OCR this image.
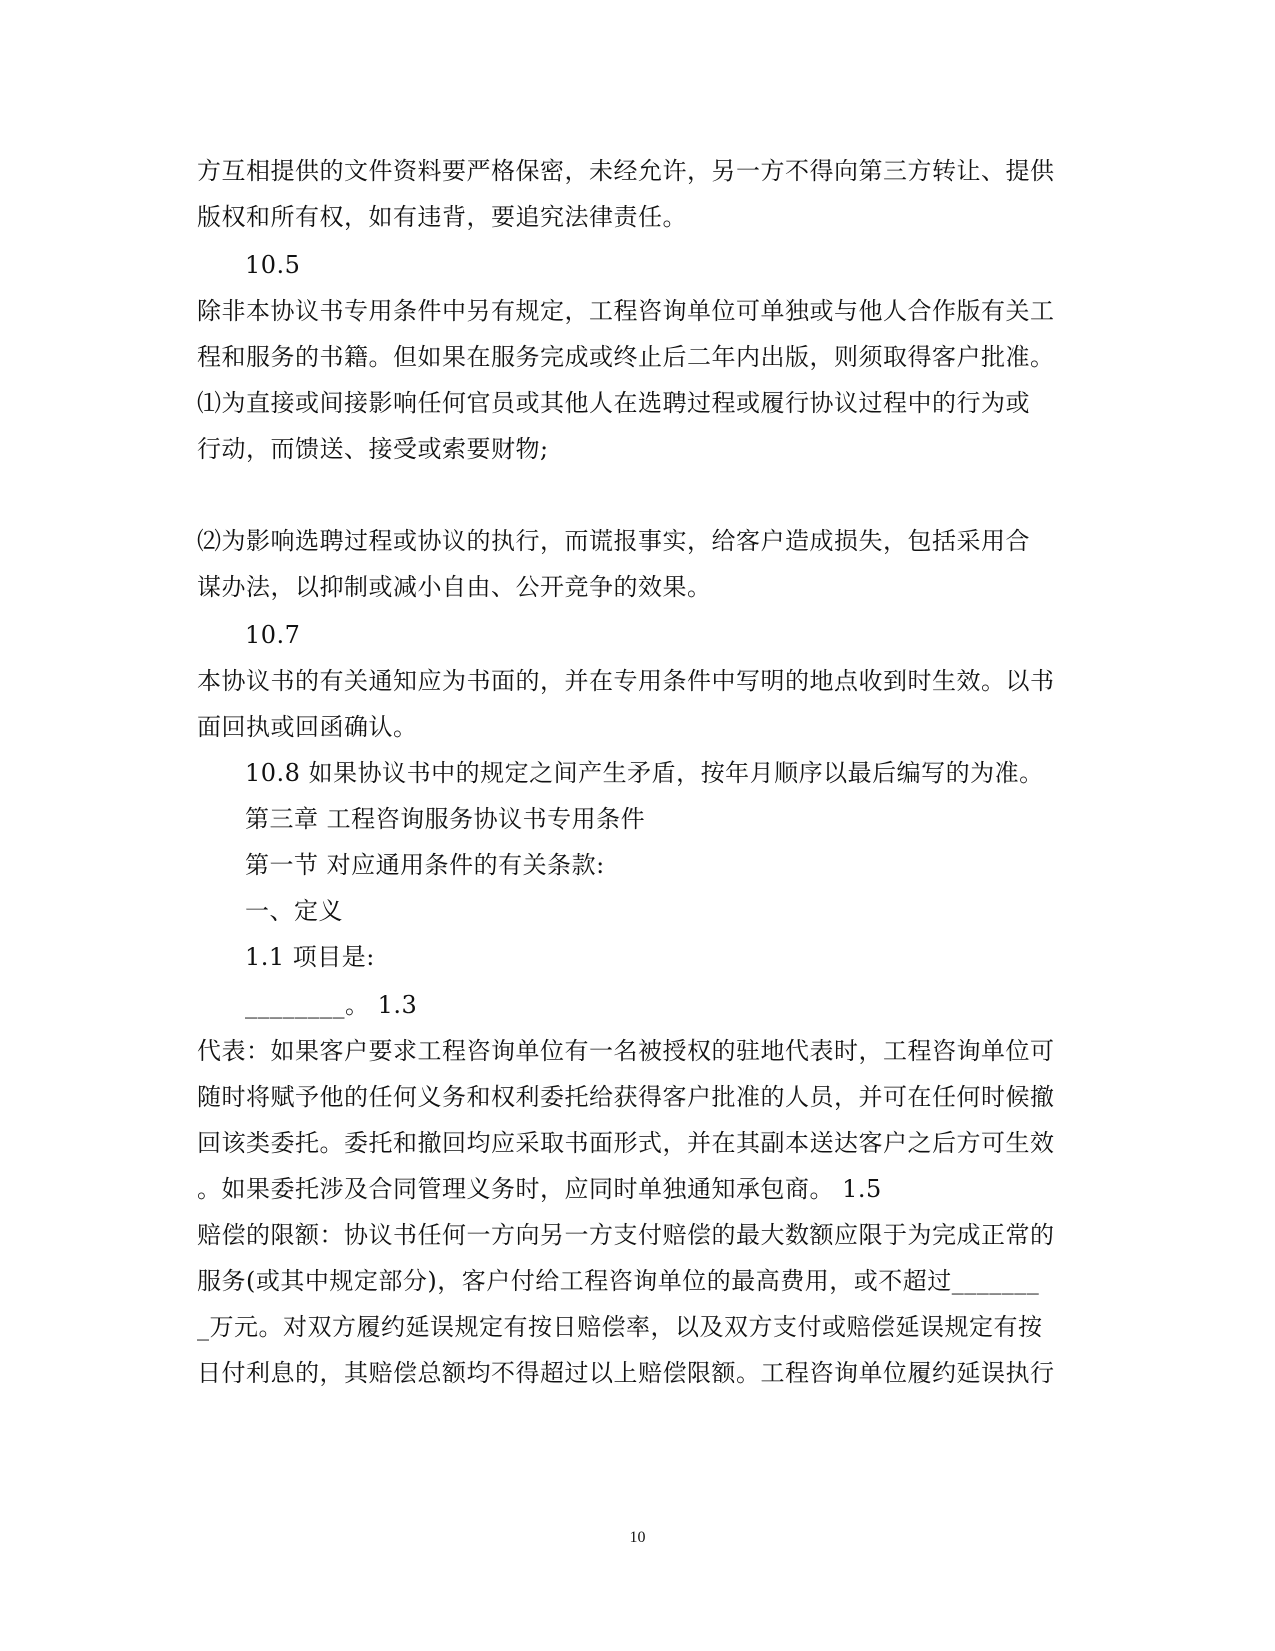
方互相提供的文件资料要严格保密，未经允许，另一方不得向第三方转让、提供
版权和所有权，如有违背，要追究法律责任。
10.5
除非本协议书专用条件中另有规定，工程咨询单位可单独或与他人合作版有关工
程和服务的书籍。但如果在服务完成或终止后二年内出版，则须取得客户批准。
⑴为直接或间接影响任何官员或其他人在选聘过程或履行协议过程中的行为或
行动，而馈送、接受或索要财物;
⑵为影响选聘过程或协议的执行，而谎报事实，给客户造成损失，包括采用合
谋办法，以抑制或减小自由、公开竞争的效果。
10.7
本协议书的有关通知应为书面的，并在专用条件中写明的地点收到时生效。以书
面回执或回函确认。
10.8 如果协议书中的规定之间产生矛盾，按年月顺序以最后编写的为准。
第三章 工程咨询服务协议书专用条件
第一节 对应通用条件的有关条款:
一、定义
1.1 项目是:
________。 1.3
代表：如果客户要求工程咨询单位有一名被授权的驻地代表时，工程咨询单位可
随时将赋予他的任何义务和权利委托给获得客户批准的人员，并可在任何时候撤
回该类委托。委托和撤回均应采取书面形式，并在其副本送达客户之后方可生效
。如果委托涉及合同管理义务时，应同时单独通知承包商。 1.5
赔偿的限额：协议书任何一方向另一方支付赔偿的最大数额应限于为完成正常的
服务(或其中规定部分)，客户付给工程咨询单位的最高费用，或不超过_______
_万元。对双方履约延误规定有按日赔偿率，以及双方支付或赔偿延误规定有按
日付利息的，其赔偿总额均不得超过以上赔偿限额。工程咨询单位履约延误执行
10
